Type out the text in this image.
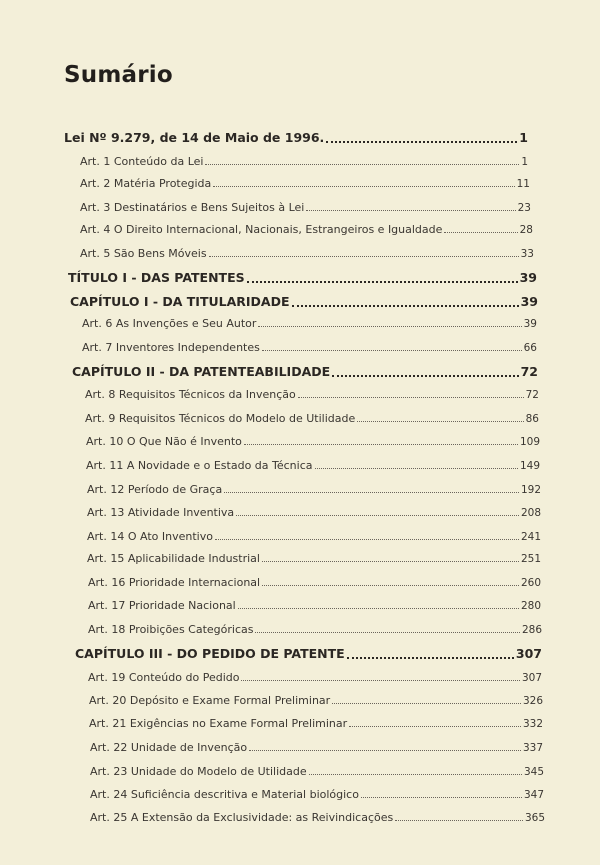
Sumário
Lei Nº 9.279, de 14 de Maio de 1996.	1
Art. 1 Conteúdo da Lei	1
Art. 2 Matéria Protegida	11
Art. 3 Destinatários e Bens Sujeitos à Lei	23
Art. 4 O Direito Internacional, Nacionais, Estrangeiros e Igualdade	28
Art. 5 São Bens Móveis	33
TÍTULO I - DAS PATENTES	39
CAPÍTULO I - DA TITULARIDADE	39
Art. 6 As Invenções e Seu Autor	39
Art. 7 Inventores Independentes	66
CAPÍTULO II - DA PATENTEABILIDADE	72
Art. 8 Requisitos Técnicos da Invenção	72
Art. 9 Requisitos Técnicos do Modelo de Utilidade	86
Art. 10 O Que Não é Invento	109
Art. 11 A Novidade e o Estado da Técnica	149
Art. 12 Período de Graça	192
Art. 13 Atividade Inventiva	208
Art. 14 O Ato Inventivo	241
Art. 15 Aplicabilidade Industrial	251
Art. 16 Prioridade Internacional	260
Art. 17 Prioridade Nacional	280
Art. 18 Proibições Categóricas	286
CAPÍTULO III - DO PEDIDO DE PATENTE	307
Art. 19 Conteúdo do Pedido	307
Art. 20 Depósito e Exame Formal Preliminar	326
Art. 21 Exigências no Exame Formal Preliminar	332
Art. 22 Unidade de Invenção	337
Art. 23 Unidade do Modelo de Utilidade	345
Art. 24 Suficiência descritiva e Material biológico	347
Art. 25 A Extensão da Exclusividade: as Reivindicações	365
